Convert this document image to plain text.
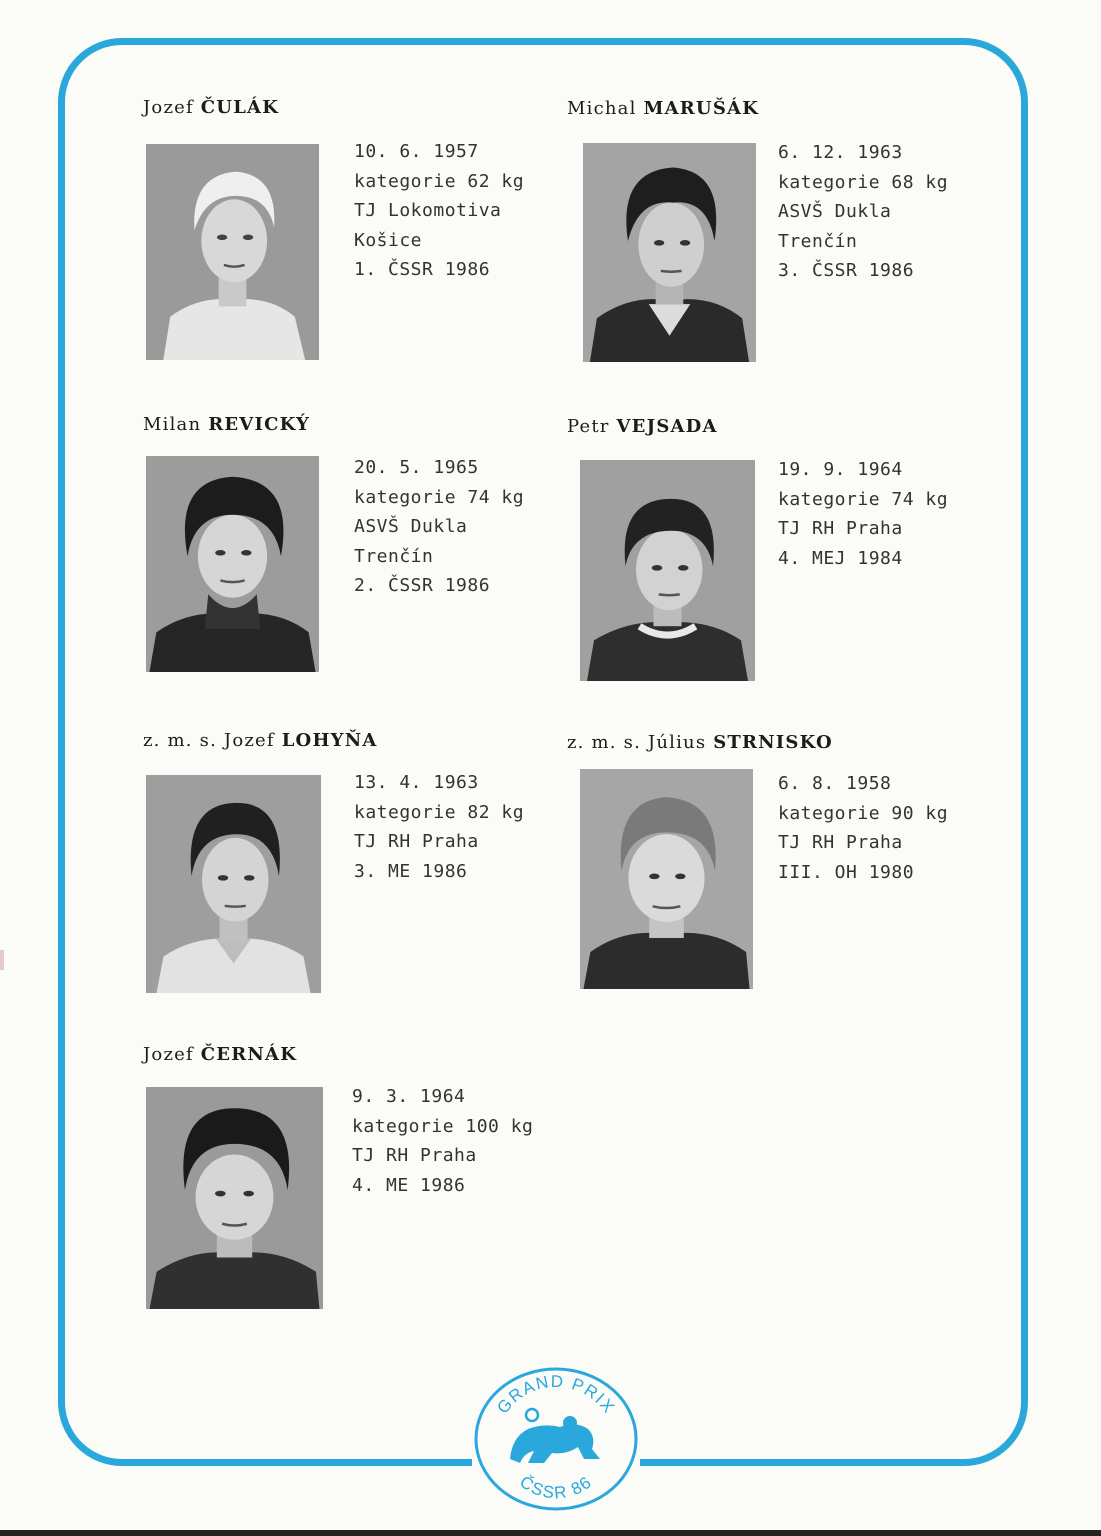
Jozef ČULÁK
10. 6. 1957
kategorie 62 kg
TJ Lokomotiva
Košice
1. ČSSR 1986
Michal MARUŠÁK
6. 12. 1963
kategorie 68 kg
ASVŠ Dukla
Trenčín
3. ČSSR 1986
Milan REVICKÝ
20. 5. 1965
kategorie 74 kg
ASVŠ Dukla
Trenčín
2. ČSSR 1986
Petr VEJSADA
19. 9. 1964
kategorie 74 kg
TJ RH Praha
4. MEJ 1984
z. m. s. Jozef LOHYŇA
13. 4. 1963
kategorie 82 kg
TJ RH Praha
3. ME 1986
z. m. s. Július STRNISKO
6. 8. 1958
kategorie 90 kg
TJ RH Praha
III. OH 1980
Jozef ČERNÁK
9. 3. 1964
kategorie 100 kg
TJ RH Praha
4. ME 1986
GRAND PRIX
ČSSR 86
